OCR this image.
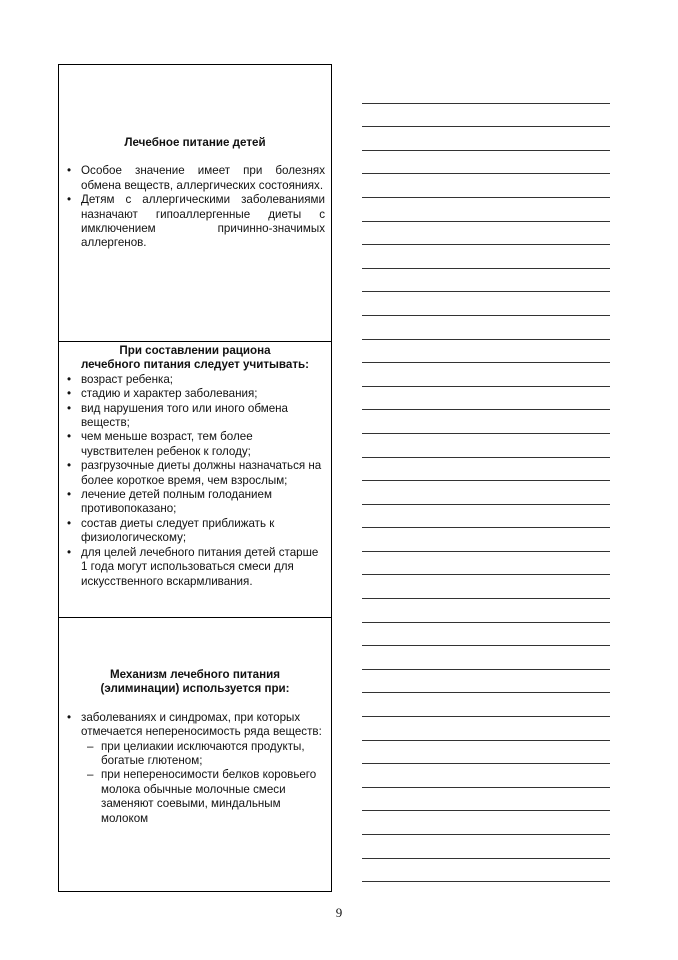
Лечебное питание детей

• Особое значение имеет при болезнях обмена веществ, аллергических состояниях.
• Детям с аллергическими заболеваниями назначают гипоаллергенные диеты с имключением причинно-значимых аллергенов.

При составлении рациона
лечебного питания следует учитывать:

• возраст ребенка;
• стадию и характер заболевания;
• вид нарушения того или иного обмена веществ;
• чем меньше возраст, тем более чувствителен ребенок к голоду;
• разгрузочные диеты должны назначаться на более короткое время, чем взрослым;
• лечение детей полным голоданием противопоказано;
• состав диеты следует приближать к физиологическому;
• для целей лечебного питания детей старше 1 года могут использоваться смеси для искусственного вскармливания.

Механизм лечебного питания
(элиминации) используется при:

• заболеваниях и синдромах, при которых отмечается непереносимость ряда веществ:
– при целиакии исключаются продукты, богатые глютеном;
– при непереносимости белков коровьего молока обычные молочные смеси заменяют соевыми, миндальным молоком
9
